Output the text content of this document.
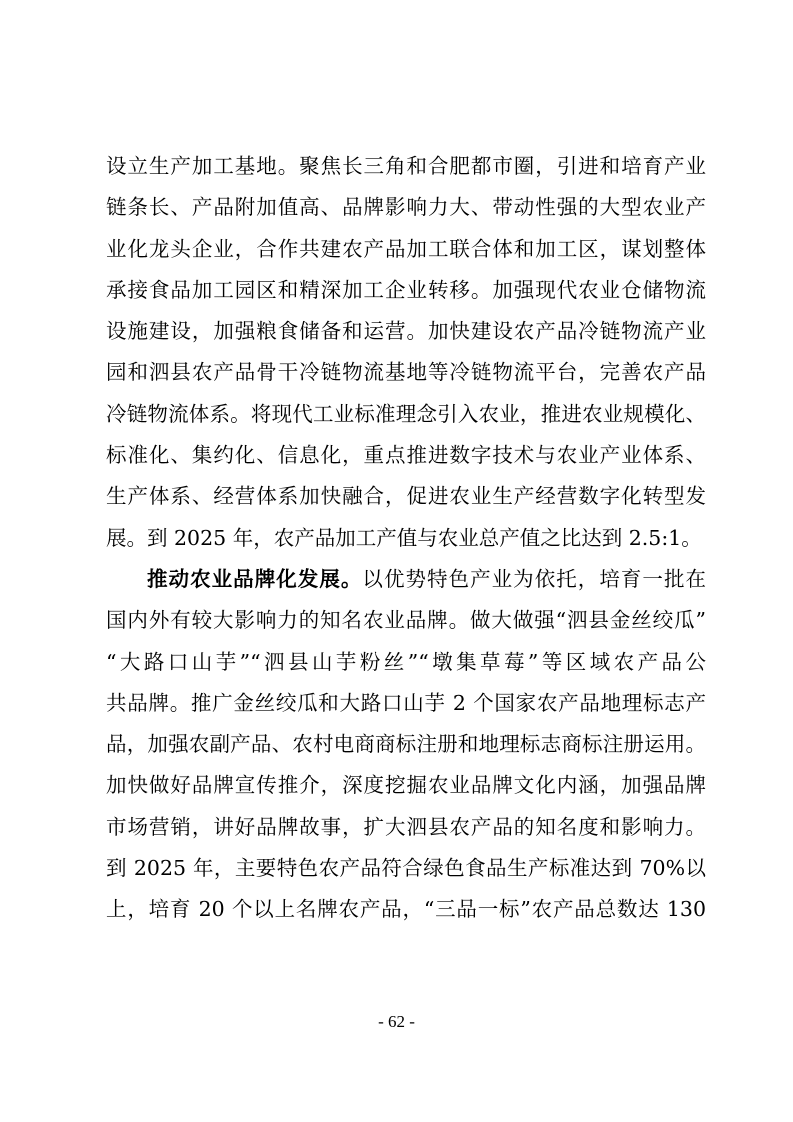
设立生产加工基地。聚焦长三角和合肥都市圈，引进和培育产业
链条长、产品附加值高、品牌影响力大、带动性强的大型农业产
业化龙头企业，合作共建农产品加工联合体和加工区，谋划整体
承接食品加工园区和精深加工企业转移。加强现代农业仓储物流
设施建设，加强粮食储备和运营。加快建设农产品冷链物流产业
园和泗县农产品骨干冷链物流基地等冷链物流平台，完善农产品
冷链物流体系。将现代工业标准理念引入农业，推进农业规模化、
标准化、集约化、信息化，重点推进数字技术与农业产业体系、
生产体系、经营体系加快融合，促进农业生产经营数字化转型发
展。到 2025 年，农产品加工产值与农业总产值之比达到 2.5:1。
推动农业品牌化发展。以优势特色产业为依托，培育一批在
国内外有较大影响力的知名农业品牌。做大做强“泗县金丝绞瓜”
“大路口山芋”“泗县山芋粉丝”“墩集草莓”等区域农产品公
共品牌。推广金丝绞瓜和大路口山芋 2 个国家农产品地理标志产
品，加强农副产品、农村电商商标注册和地理标志商标注册运用。
加快做好品牌宣传推介，深度挖掘农业品牌文化内涵，加强品牌
市场营销，讲好品牌故事，扩大泗县农产品的知名度和影响力。
到 2025 年，主要特色农产品符合绿色食品生产标准达到 70%以
上，培育 20 个以上名牌农产品，“三品一标”农产品总数达 130
- 62 -
